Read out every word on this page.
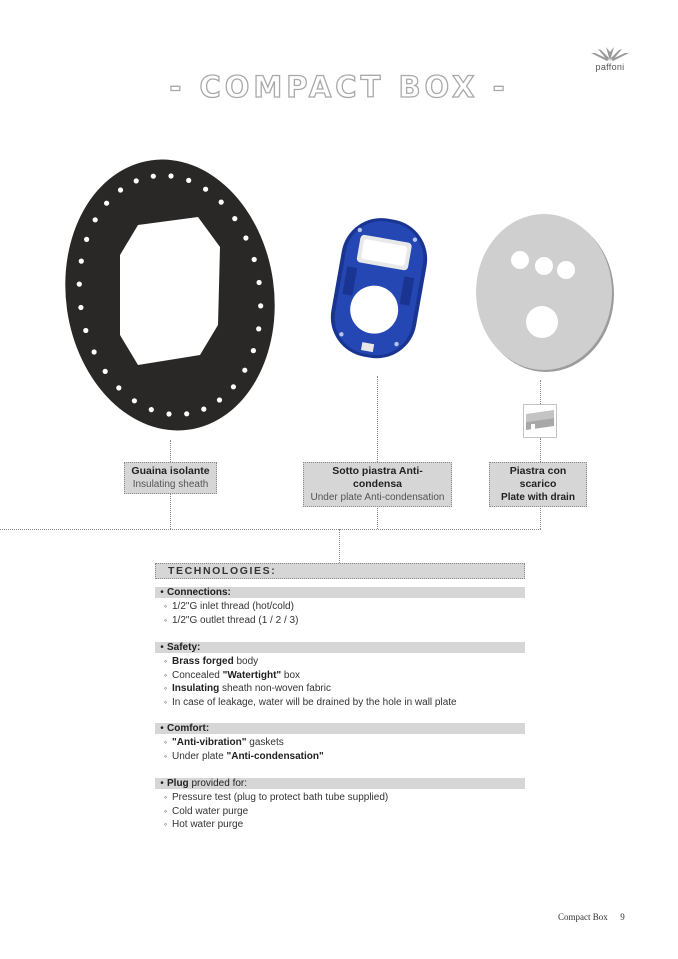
paffoni
- COMPACT BOX -
Guaina isolante
Insulating sheath
Sotto piastra Anti-condensa
Under plate Anti-condensation
Piastra con scarico
Plate with drain
TECHNOLOGIES:
• Connections:
◦ 1/2"G inlet thread (hot/cold)
◦ 1/2"G outlet thread (1 / 2 / 3)
• Safety:
◦ Brass forged body
◦ Concealed "Watertight" box
◦ Insulating sheath non-woven fabric
◦ In case of leakage, water will be drained by the hole in wall plate
• Comfort:
◦ "Anti-vibration" gaskets
◦ Under plate "Anti-condensation"
• Plug provided for:
◦ Pressure test (plug to protect bath tube supplied)
◦ Cold water purge
◦ Hot water purge
Compact Box 9
